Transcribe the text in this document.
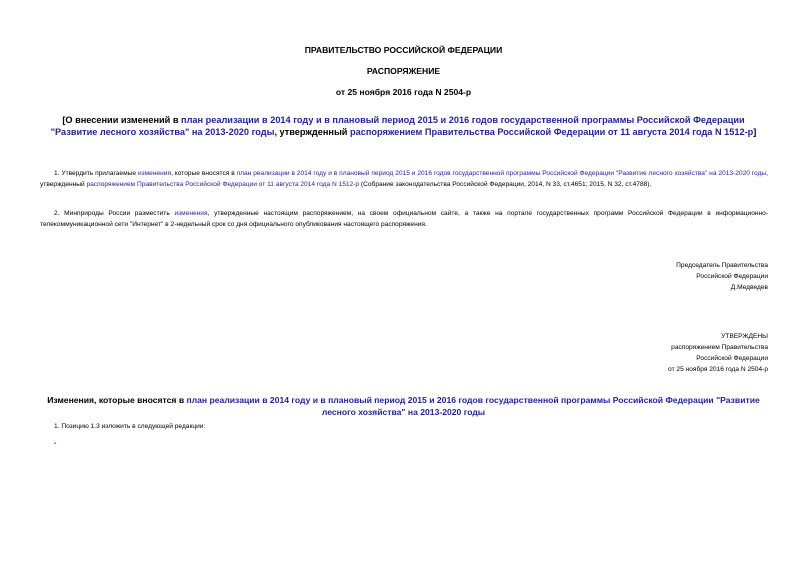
ПРАВИТЕЛЬСТВО РОССИЙСКОЙ ФЕДЕРАЦИИ
РАСПОРЯЖЕНИЕ
от 25 ноября 2016 года N 2504-р
[О внесении изменений в план реализации в 2014 году и в плановый период 2015 и 2016 годов государственной программы Российской Федерации "Развитие лесного хозяйства" на 2013-2020 годы, утвержденный распоряжением Правительства Российской Федерации от 11 августа 2014 года N 1512-р]
1. Утвердить прилагаемые изменения, которые вносятся в план реализации в 2014 году и в плановый период 2015 и 2016 годов государственной программы Российской Федерации "Развитие лесного хозяйства" на 2013-2020 годы, утвержденный распоряжением Правительства Российской Федерации от 11 августа 2014 года N 1512-р (Собрание законодательства Российской Федерации, 2014, N 33, ст.4651; 2015, N 32, ст.4788).
2. Минприроды России разместить изменения, утвержденные настоящим распоряжением, на своем официальном сайте, а также на портале государственных программ Российской Федерации в информационно-телекоммуникационной сети "Интернет" в 2-недельный срок со дня официального опубликования настоящего распоряжения.
Председатель Правительства
Российской Федерации
Д.Медведев
УТВЕРЖДЕНЫ
распоряжением Правительства
Российской Федерации
от 25 ноября 2016 года N 2504-р
Изменения, которые вносятся в план реализации в 2014 году и в плановый период 2015 и 2016 годов государственной программы Российской Федерации "Развитие лесного хозяйства" на 2013-2020 годы
1. Позицию 1.3 изложить в следующей редакции:
"
